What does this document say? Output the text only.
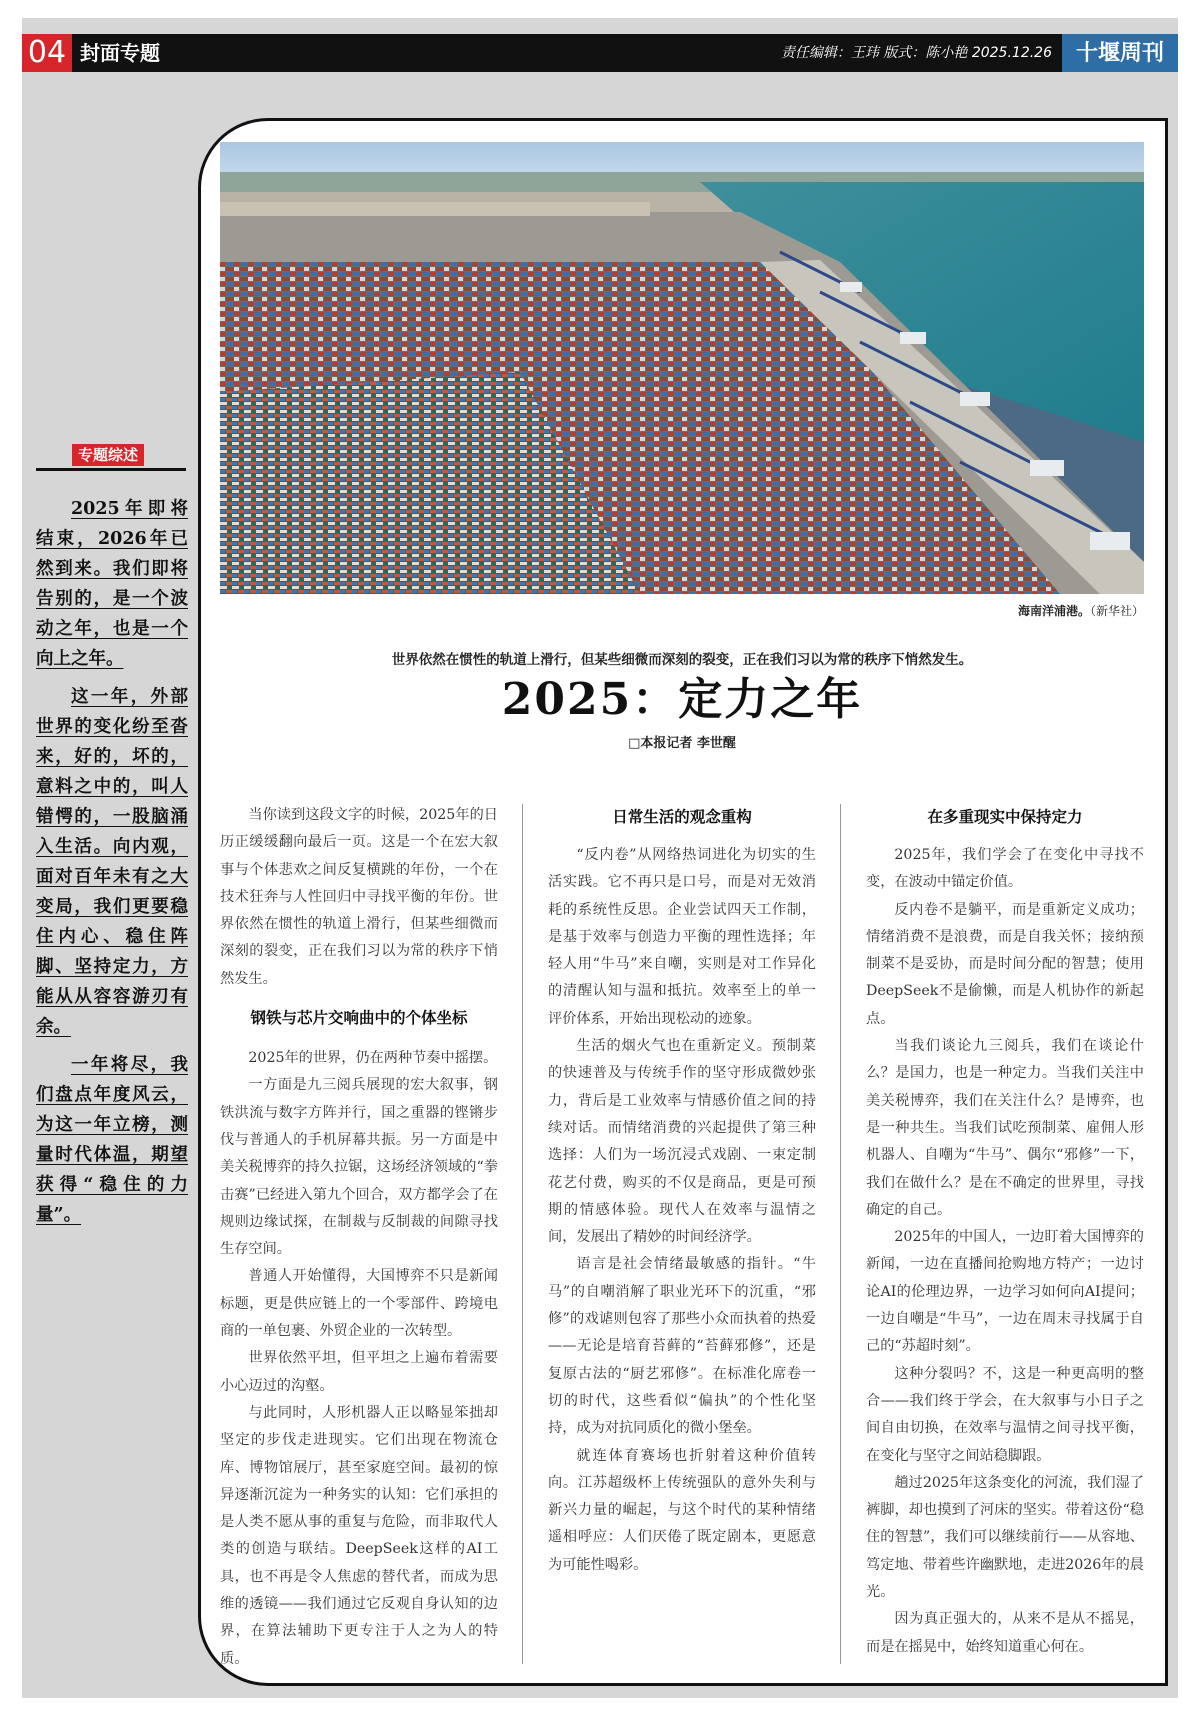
04 封面专题	责任编辑：王玮 版式：陈小艳 2025.12.26	十堰周刊
专题综述

2025年即将结束，2026年已然到来。我们即将告别的，是一个波动之年，也是一个向上之年。

这一年，外部世界的变化纷至沓来，好的，坏的，意料之中的，叫人错愕的，一股脑涌入生活。向内观，面对百年未有之大变局，我们更要稳住内心、稳住阵脚、坚持定力，方能从从容容游刃有余。

一年将尽，我们盘点年度风云，为这一年立榜，测量时代体温，期望获得“稳住的力量”。

海南洋浦港。（新华社）
世界依然在惯性的轨道上滑行，但某些细微而深刻的裂变，正在我们习以为常的秩序下悄然发生。
2025：定力之年
□本报记者 李世醒

当你读到这段文字的时候，2025年的日历正缓缓翻向最后一页。这是一个在宏大叙事与个体悲欢之间反复横跳的年份，一个在技术狂奔与人性回归中寻找平衡的年份。世界依然在惯性的轨道上滑行，但某些细微而深刻的裂变，正在我们习以为常的秩序下悄然发生。

钢铁与芯片交响曲中的个体坐标

2025年的世界，仍在两种节奏中摇摆。

一方面是九三阅兵展现的宏大叙事，钢铁洪流与数字方阵并行，国之重器的铿锵步伐与普通人的手机屏幕共振。另一方面是中美关税博弈的持久拉锯，这场经济领域的“拳击赛”已经进入第九个回合，双方都学会了在规则边缘试探，在制裁与反制裁的间隙寻找生存空间。

普通人开始懂得，大国博弈不只是新闻标题，更是供应链上的一个零部件、跨境电商的一单包裹、外贸企业的一次转型。

世界依然平坦，但平坦之上遍布着需要小心迈过的沟壑。

与此同时，人形机器人正以略显笨拙却坚定的步伐走进现实。它们出现在物流仓库、博物馆展厅，甚至家庭空间。最初的惊异逐渐沉淀为一种务实的认知：它们承担的是人类不愿从事的重复与危险，而非取代人类的创造与联结。DeepSeek这样的AI工具，也不再是令人焦虑的替代者，而成为思维的透镜——我们通过它反观自身认知的边界，在算法辅助下更专注于人之为人的特质。

日常生活的观念重构

“反内卷”从网络热词进化为切实的生活实践。它不再只是口号，而是对无效消耗的系统性反思。企业尝试四天工作制，是基于效率与创造力平衡的理性选择；年轻人用“牛马”来自嘲，实则是对工作异化的清醒认知与温和抵抗。效率至上的单一评价体系，开始出现松动的迹象。

生活的烟火气也在重新定义。预制菜的快速普及与传统手作的坚守形成微妙张力，背后是工业效率与情感价值之间的持续对话。而情绪消费的兴起提供了第三种选择：人们为一场沉浸式戏剧、一束定制花艺付费，购买的不仅是商品，更是可预期的情感体验。现代人在效率与温情之间，发展出了精妙的时间经济学。

语言是社会情绪最敏感的指针。“牛马”的自嘲消解了职业光环下的沉重，“邪修”的戏谑则包容了那些小众而执着的热爱——无论是培育苔藓的“苔藓邪修”，还是复原古法的“厨艺邪修”。在标准化席卷一切的时代，这些看似“偏执”的个性化坚持，成为对抗同质化的微小堡垒。

就连体育赛场也折射着这种价值转向。江苏超级杯上传统强队的意外失利与新兴力量的崛起，与这个时代的某种情绪遥相呼应：人们厌倦了既定剧本，更愿意为可能性喝彩。

在多重现实中保持定力

2025年，我们学会了在变化中寻找不变，在波动中锚定价值。

反内卷不是躺平，而是重新定义成功；情绪消费不是浪费，而是自我关怀；接纳预制菜不是妥协，而是时间分配的智慧；使用DeepSeek不是偷懒，而是人机协作的新起点。

当我们谈论九三阅兵，我们在谈论什么？是国力，也是一种定力。当我们关注中美关税博弈，我们在关注什么？是博弈，也是一种共生。当我们试吃预制菜、雇佣人形机器人、自嘲为“牛马”、偶尔“邪修”一下，我们在做什么？是在不确定的世界里，寻找确定的自己。

2025年的中国人，一边盯着大国博弈的新闻，一边在直播间抢购地方特产；一边讨论AI的伦理边界，一边学习如何向AI提问；一边自嘲是“牛马”，一边在周末寻找属于自己的“苏超时刻”。

这种分裂吗？不，这是一种更高明的整合——我们终于学会，在大叙事与小日子之间自由切换，在效率与温情之间寻找平衡，在变化与坚守之间站稳脚跟。

趟过2025年这条变化的河流，我们湿了裤脚，却也摸到了河床的坚实。带着这份“稳住的智慧”，我们可以继续前行——从容地、笃定地、带着些许幽默地，走进2026年的晨光。

因为真正强大的，从来不是从不摇晃，而是在摇晃中，始终知道重心何在。
